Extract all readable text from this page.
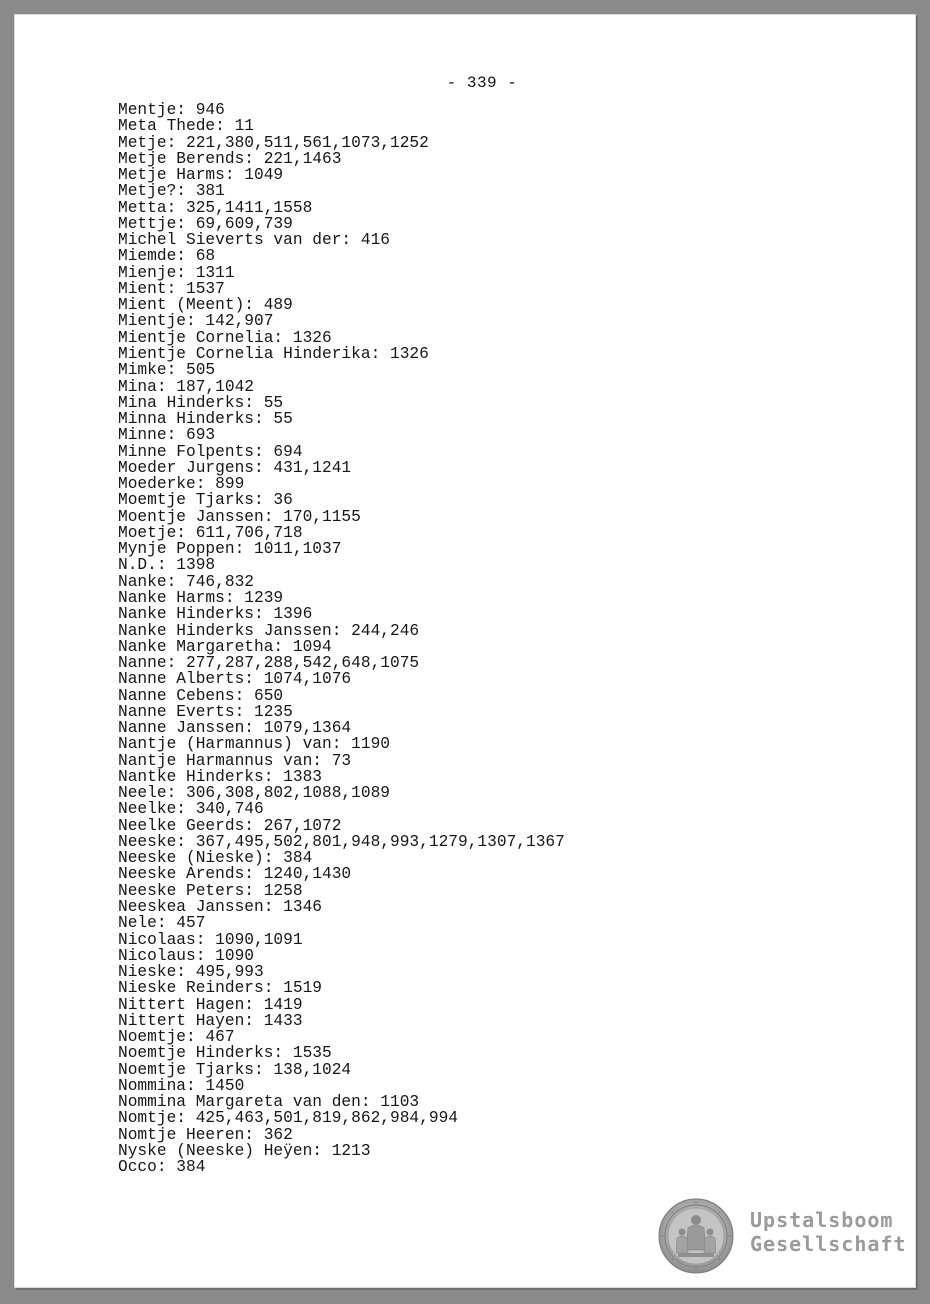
- 339 -
Mentje: 946
Meta Thede: 11
Metje: 221,380,511,561,1073,1252
Metje Berends: 221,1463
Metje Harms: 1049
Metje?: 381
Metta: 325,1411,1558
Mettje: 69,609,739
Michel Sieverts van der: 416
Miemde: 68
Mienje: 1311
Mient: 1537
Mient (Meent): 489
Mientje: 142,907
Mientje Cornelia: 1326
Mientje Cornelia Hinderika: 1326
Mimke: 505
Mina: 187,1042
Mina Hinderks: 55
Minna Hinderks: 55
Minne: 693
Minne Folpents: 694
Moeder Jurgens: 431,1241
Moederke: 899
Moemtje Tjarks: 36
Moentje Janssen: 170,1155
Moetje: 611,706,718
Mynje Poppen: 1011,1037
N.D.: 1398
Nanke: 746,832
Nanke Harms: 1239
Nanke Hinderks: 1396
Nanke Hinderks Janssen: 244,246
Nanke Margaretha: 1094
Nanne: 277,287,288,542,648,1075
Nanne Alberts: 1074,1076
Nanne Cebens: 650
Nanne Everts: 1235
Nanne Janssen: 1079,1364
Nantje (Harmannus) van: 1190
Nantje Harmannus van: 73
Nantke Hinderks: 1383
Neele: 306,308,802,1088,1089
Neelke: 340,746
Neelke Geerds: 267,1072
Neeske: 367,495,502,801,948,993,1279,1307,1367
Neeske (Nieske): 384
Neeske Arends: 1240,1430
Neeske Peters: 1258
Neeskea Janssen: 1346
Nele: 457
Nicolaas: 1090,1091
Nicolaus: 1090
Nieske: 495,993
Nieske Reinders: 1519
Nittert Hagen: 1419
Nittert Hayen: 1433
Noemtje: 467
Noemtje Hinderks: 1535
Noemtje Tjarks: 138,1024
Nommina: 1450
Nommina Margareta van den: 1103
Nomtje: 425,463,501,819,862,984,994
Nomtje Heeren: 362
Nyske (Neeske) Heÿen: 1213
Occo: 384
Upstalsboom
Gesellschaft
